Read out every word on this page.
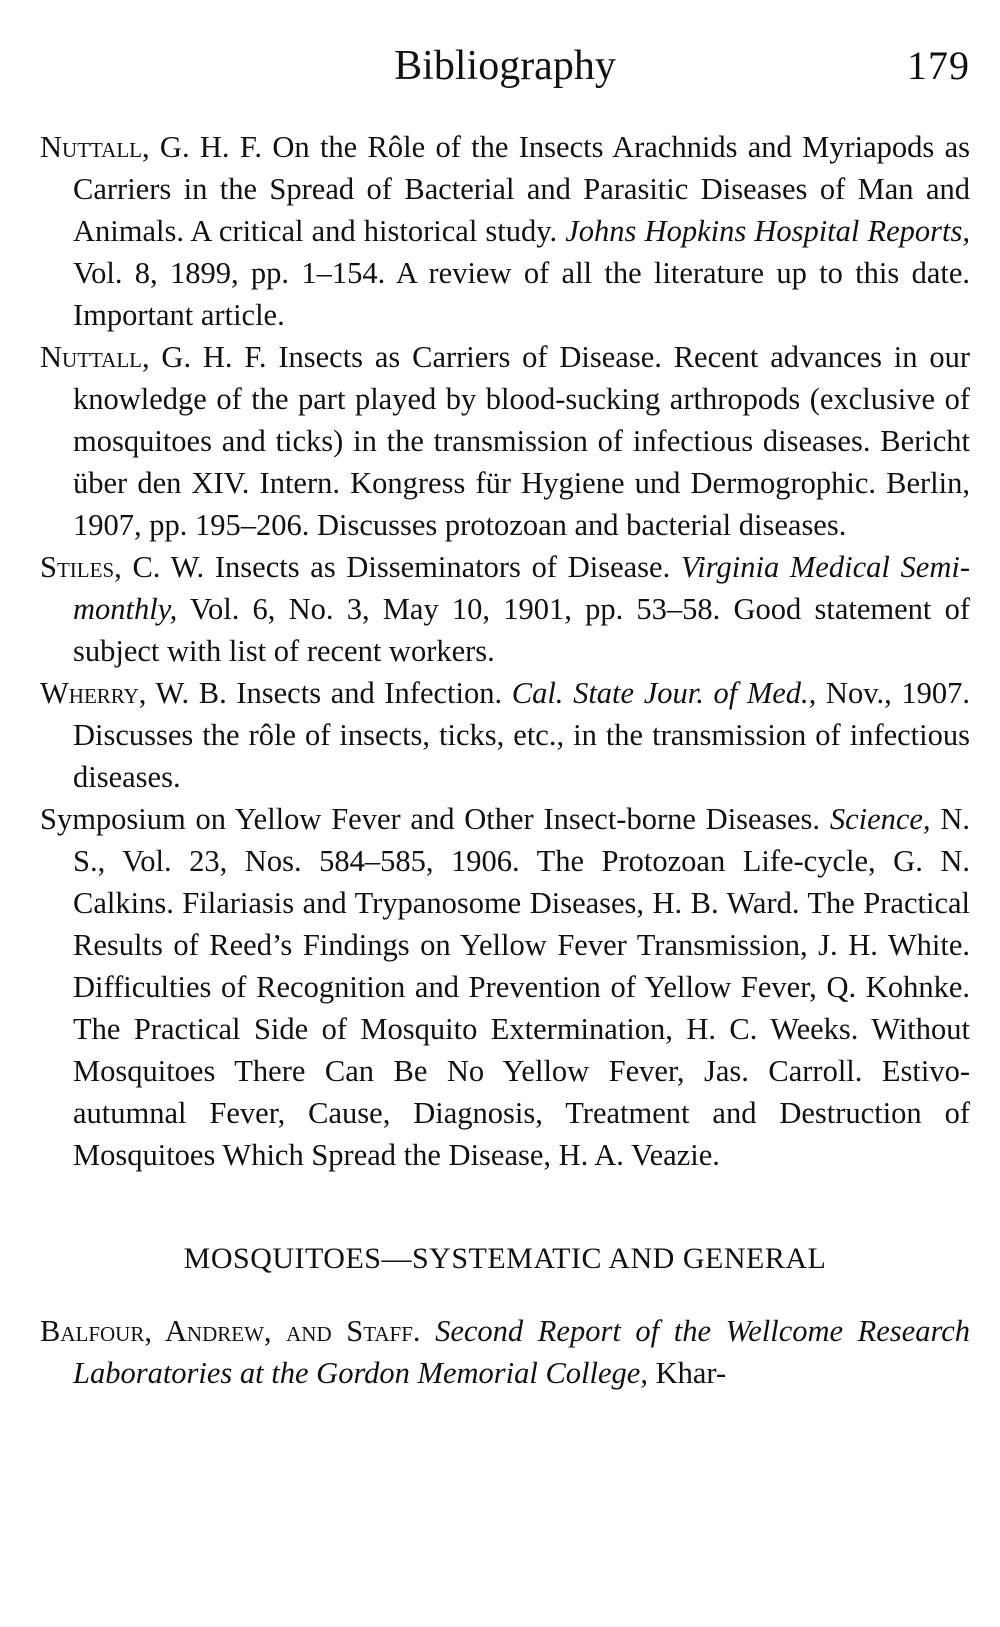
Bibliography	179

Nuttall, G. H. F. On the Rôle of the Insects Arachnids and Myriapods as Carriers in the Spread of Bacterial and Parasitic Diseases of Man and Animals. A critical and historical study. Johns Hopkins Hospital Reports, Vol. 8, 1899, pp. 1–154. A review of all the literature up to this date. Important article.

Nuttall, G. H. F. Insects as Carriers of Disease. Recent advances in our knowledge of the part played by blood-sucking arthropods (exclusive of mosquitoes and ticks) in the transmission of infectious diseases. Bericht über den XIV. Intern. Kongress für Hygiene und Dermogrophic. Berlin, 1907, pp. 195–206. Discusses protozoan and bacterial diseases.

Stiles, C. W. Insects as Disseminators of Disease. Virginia Medical Semi-monthly, Vol. 6, No. 3, May 10, 1901, pp. 53–58. Good statement of subject with list of recent workers.

Wherry, W. B. Insects and Infection. Cal. State Jour. of Med., Nov., 1907. Discusses the rôle of insects, ticks, etc., in the transmission of infectious diseases.

Symposium on Yellow Fever and Other Insect-borne Diseases. Science, N. S., Vol. 23, Nos. 584–585, 1906. The Protozoan Life-cycle, G. N. Calkins. Filariasis and Trypanosome Diseases, H. B. Ward. The Practical Results of Reed’s Findings on Yellow Fever Transmission, J. H. White. Difficulties of Recognition and Prevention of Yellow Fever, Q. Kohnke. The Practical Side of Mosquito Extermination, H. C. Weeks. Without Mosquitoes There Can Be No Yellow Fever, Jas. Carroll. Estivo-autumnal Fever, Cause, Diagnosis, Treatment and Destruction of Mosquitoes Which Spread the Disease, H. A. Veazie.

MOSQUITOES—SYSTEMATIC AND GENERAL

Balfour, Andrew, and Staff. Second Report of the Wellcome Research Laboratories at the Gordon Memorial College, Khar-
